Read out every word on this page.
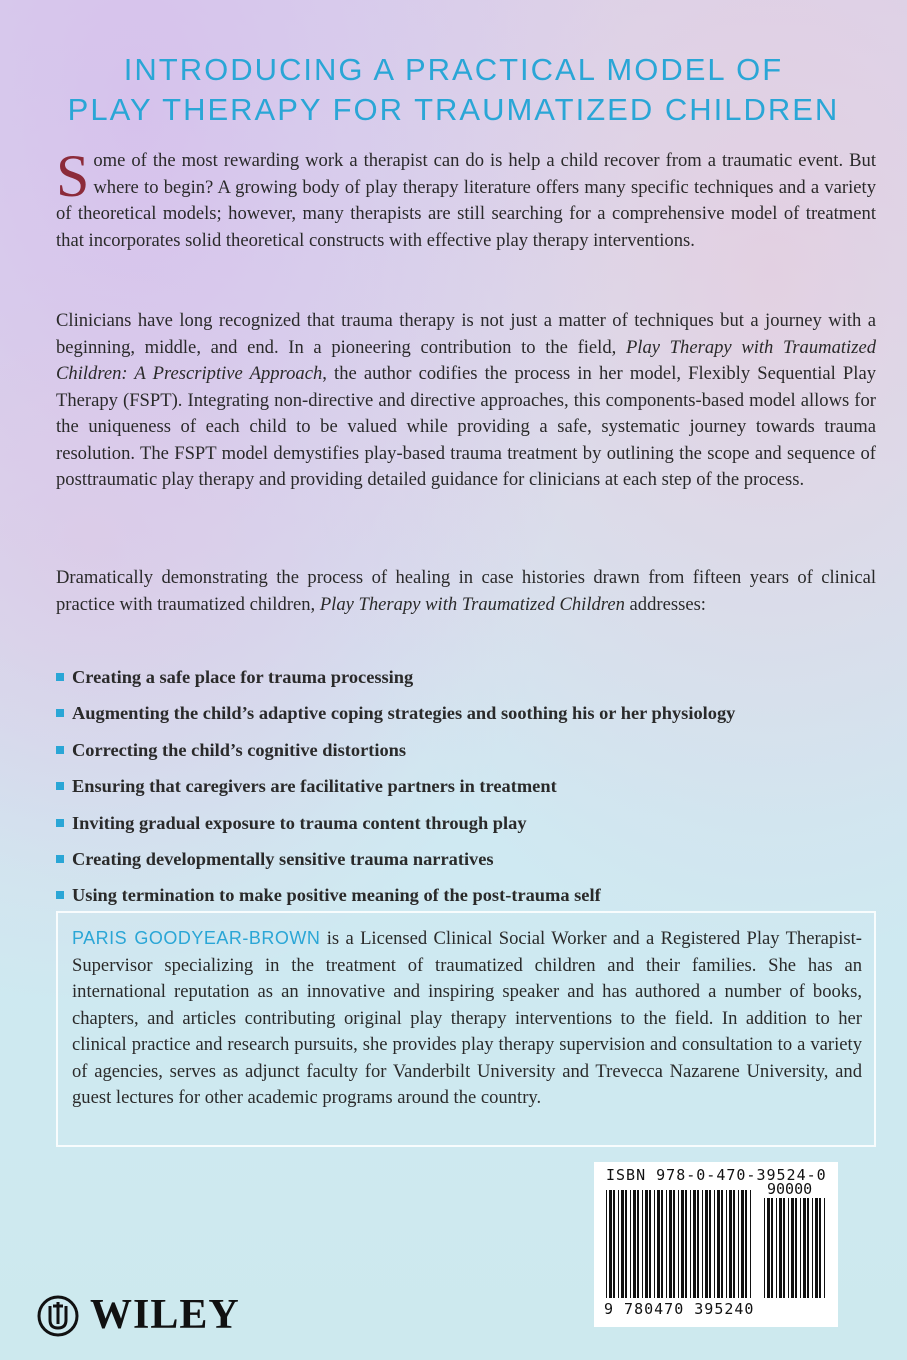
INTRODUCING A PRACTICAL MODEL OF
PLAY THERAPY FOR TRAUMATIZED CHILDREN
Some of the most rewarding work a therapist can do is help a child recover from a traumatic event. But where to begin? A growing body of play therapy literature offers many specific techniques and a variety of theoretical models; however, many therapists are still searching for a comprehensive model of treatment that incorporates solid theoretical constructs with effective play therapy interventions.
Clinicians have long recognized that trauma therapy is not just a matter of techniques but a journey with a beginning, middle, and end. In a pioneering contribution to the field, Play Therapy with Traumatized Children: A Prescriptive Approach, the author codifies the process in her model, Flexibly Sequential Play Therapy (FSPT). Integrating non-directive and directive approaches, this components-based model allows for the uniqueness of each child to be valued while providing a safe, systematic journey towards trauma resolution. The FSPT model demystifies play-based trauma treatment by outlining the scope and sequence of posttraumatic play therapy and providing detailed guidance for clinicians at each step of the process.
Dramatically demonstrating the process of healing in case histories drawn from fifteen years of clinical practice with traumatized children, Play Therapy with Traumatized Children addresses:
Creating a safe place for trauma processing
Augmenting the child’s adaptive coping strategies and soothing his or her physiology
Correcting the child’s cognitive distortions
Ensuring that caregivers are facilitative partners in treatment
Inviting gradual exposure to trauma content through play
Creating developmentally sensitive trauma narratives
Using termination to make positive meaning of the post-trauma self
PARIS GOODYEAR-BROWN is a Licensed Clinical Social Worker and a Registered Play Therapist-Supervisor specializing in the treatment of traumatized children and their families. She has an international reputation as an innovative and inspiring speaker and has authored a number of books, chapters, and articles contributing original play therapy interventions to the field. In addition to her clinical practice and research pursuits, she provides play therapy supervision and consultation to a variety of agencies, serves as adjunct faculty for Vanderbilt University and Trevecca Nazarene University, and guest lectures for other academic programs around the country.
ISBN 978-0-470-39524-0
90000
9 780470 395240
WILEY
